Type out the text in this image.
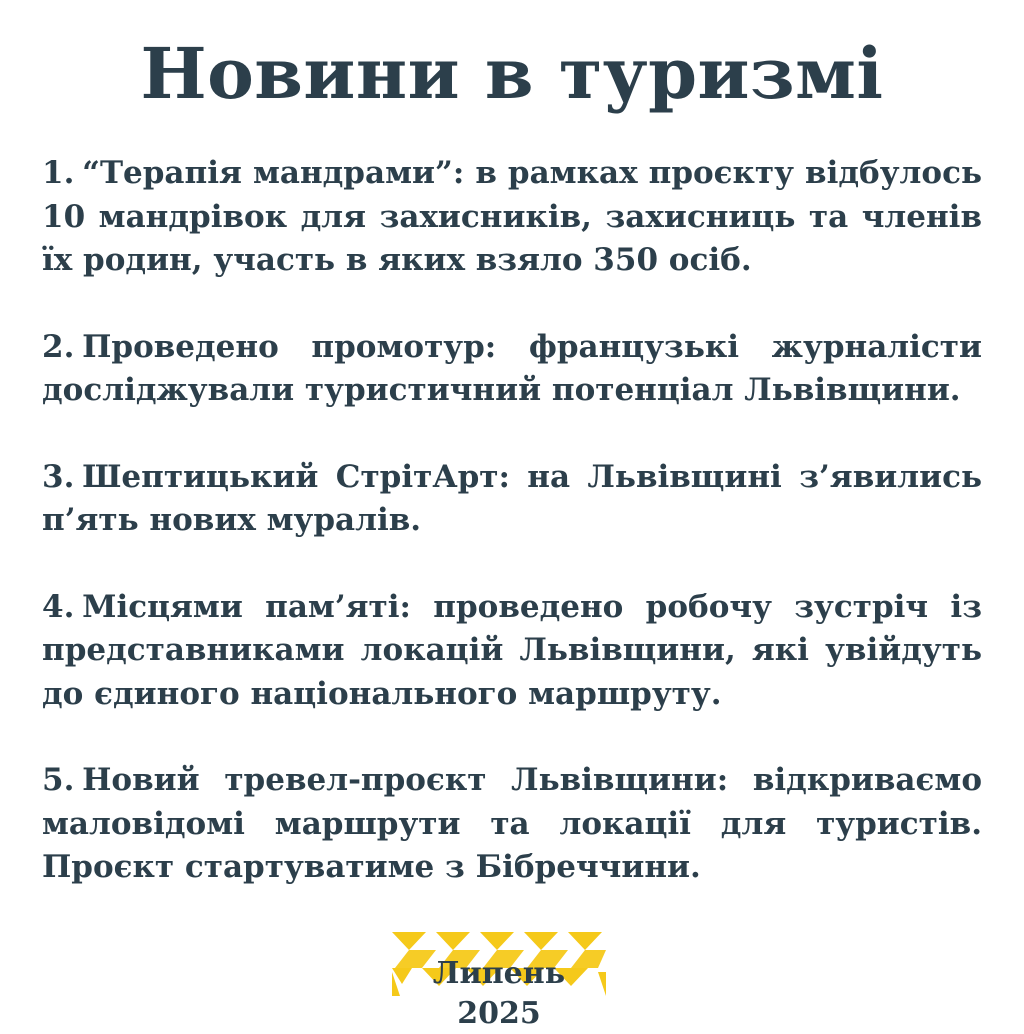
Новини в туризмі
1. “Терапія мандрами”: в рамках проєкту відбулось 10 мандрівок для захисників, захисниць та членів їх родин, участь в яких взяло 350 осіб.
2. Проведено промотур: французькі журналісти досліджували туристичний потенціал Львівщини.
3. Шептицький СтрітАрт: на Львівщині з’явились п’ять нових муралів.
4. Місцями пам’яті: проведено робочу зустріч із представниками локацій Львівщини, які увійдуть до єдиного національного маршруту.
5. Новий тревел-проєкт Львівщини: відкриваємо маловідомі маршрути та локації для туристів. Проєкт стартуватиме з Бібреччини.
Липень 2025
